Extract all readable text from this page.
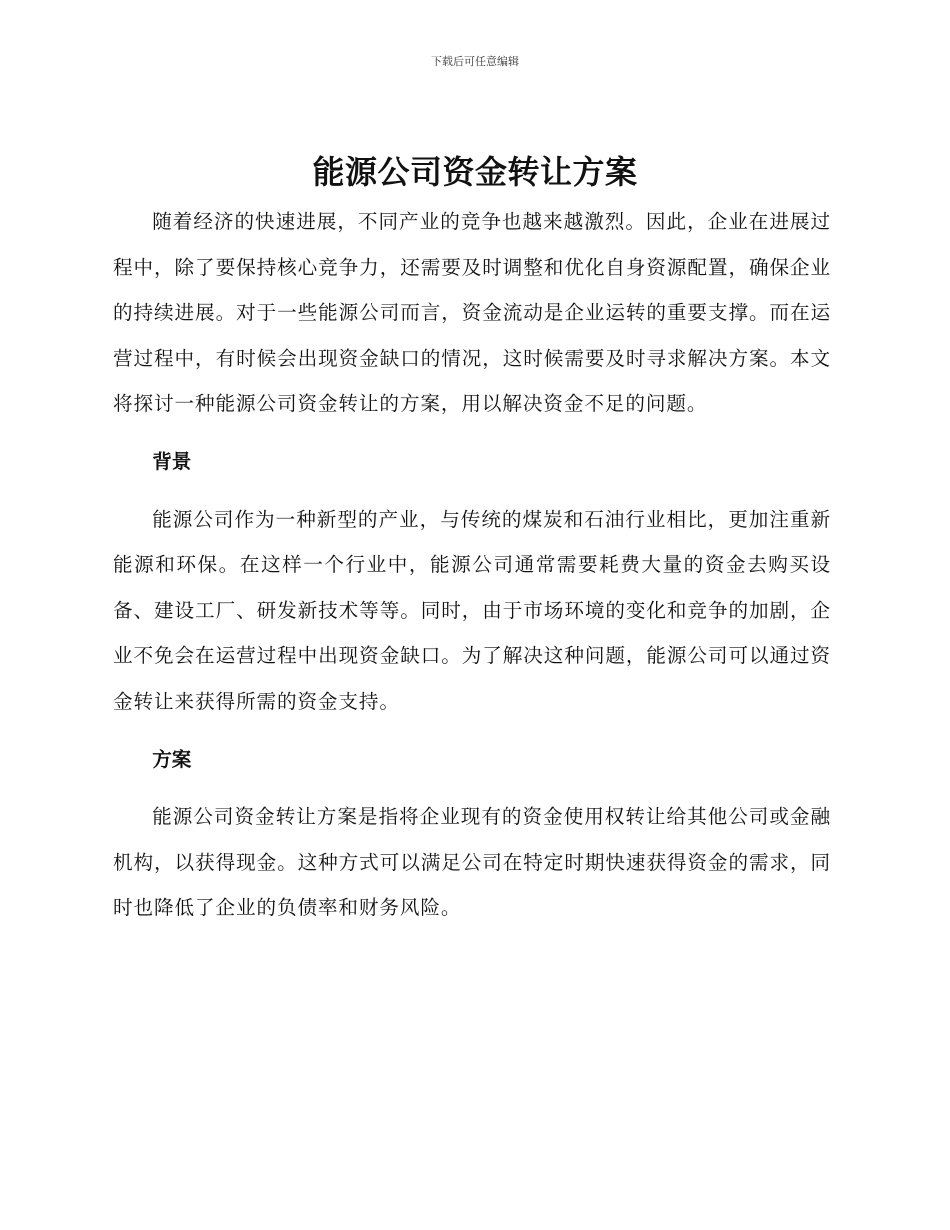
下载后可任意编辑
能源公司资金转让方案

随着经济的快速进展，不同产业的竞争也越来越激烈。因此，企业在进展过程中，除了要保持核心竞争力，还需要及时调整和优化自身资源配置，确保企业的持续进展。对于一些能源公司而言，资金流动是企业运转的重要支撑。而在运营过程中，有时候会出现资金缺口的情况，这时候需要及时寻求解决方案。本文将探讨一种能源公司资金转让的方案，用以解决资金不足的问题。

背景

能源公司作为一种新型的产业，与传统的煤炭和石油行业相比，更加注重新能源和环保。在这样一个行业中，能源公司通常需要耗费大量的资金去购买设备、建设工厂、研发新技术等等。同时，由于市场环境的变化和竞争的加剧，企业不免会在运营过程中出现资金缺口。为了解决这种问题，能源公司可以通过资金转让来获得所需的资金支持。

方案

能源公司资金转让方案是指将企业现有的资金使用权转让给其他公司或金融机构，以获得现金。这种方式可以满足公司在特定时期快速获得资金的需求，同时也降低了企业的负债率和财务风险。
